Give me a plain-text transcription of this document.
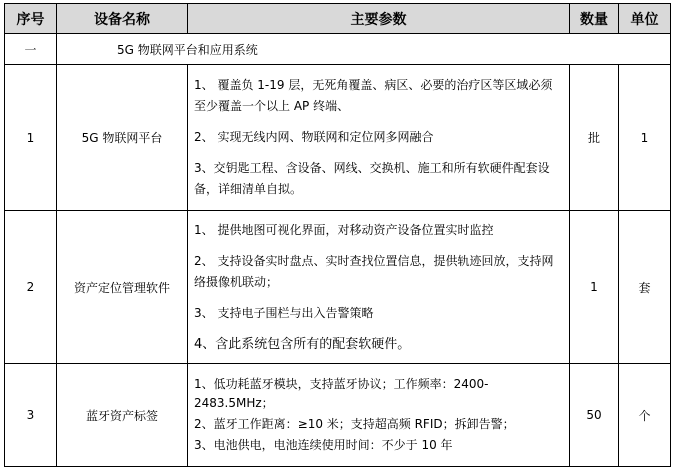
序号	设备名称	主要参数	数量	单位
一	5G 物联网平台和应用系统			
1	5G 物联网平台	1、 覆盖负 1-19 层，无死角覆盖、病区、必要的治疗区等区域必须至少覆盖一个以上 AP 终端、

2、 实现无线内网、物联网和定位网多网融合

3、交钥匙工程、含设备、网线、交换机、施工和所有软硬件配套设备，详细清单自拟。	批	1
2	资产定位管理软件	1、 提供地图可视化界面，对移动资产设备位置实时监控

2、 支持设备实时盘点、实时查找位置信息，提供轨迹回放，支持网络摄像机联动；

3、 支持电子围栏与出入告警策略

4、含此系统包含所有的配套软硬件。	1	套
3	蓝牙资产标签	1、低功耗蓝牙模块，支持蓝牙协议；工作频率：2400-2483.5MHz；

2、蓝牙工作距离：≥10 米；支持超高频 RFID；拆卸告警；

3、电池供电，电池连续使用时间：不少于 10 年	50	个
